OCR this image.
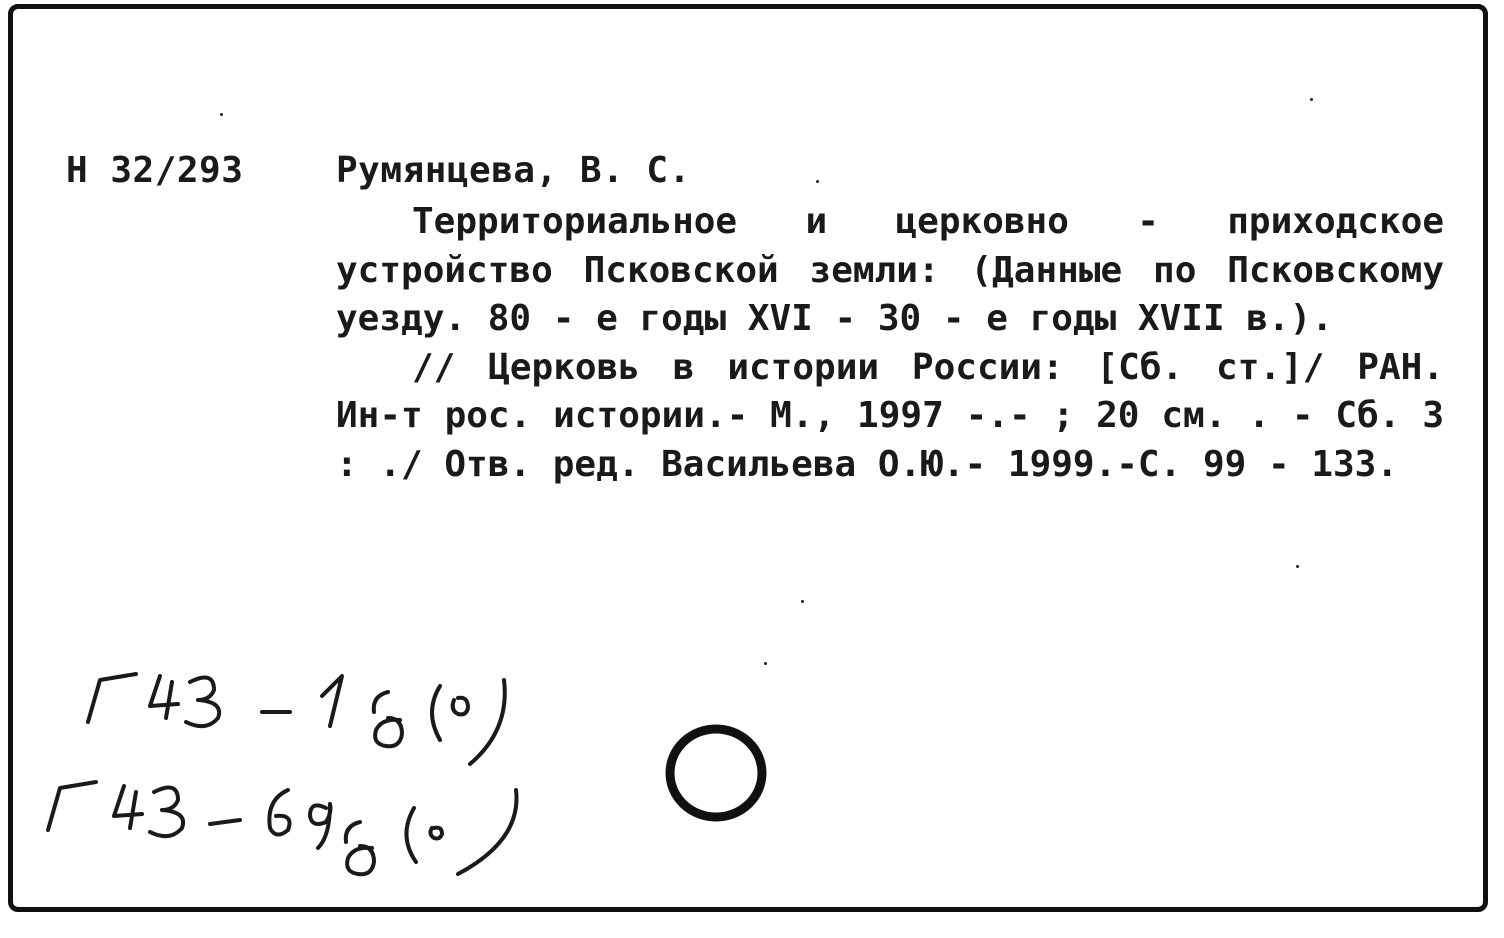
Н 32/293	Румянцева, В. С.

Территориальное и церковно - приходское устройство Псковской земли: (Данные по Псковскому уезду. 80 - е годы XVI - 30 - е годы XVII в.).

// Церковь в истории России: [Сб. ст.]/ РАН. Ин-т рос. истории.- М., 1997 -.- ; 20 см. . - Сб. 3 : ./ Отв. ред. Васильева О.Ю.- 1999.-С. 99 - 133.
